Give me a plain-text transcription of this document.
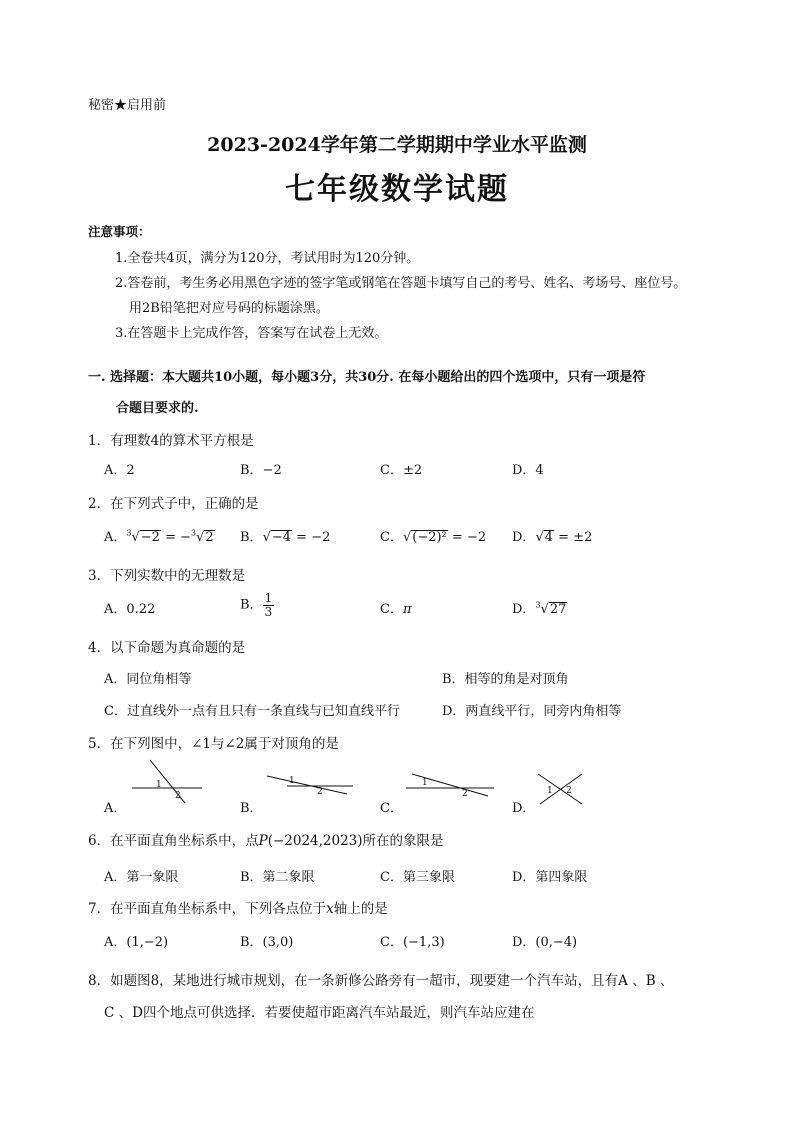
秘密★启用前
2023-2024学年第二学期期中学业水平监测
七年级数学试题
注意事项：
1.全卷共4页，满分为120分，考试用时为120分钟。
2.答卷前，考生务必用黑色字迹的签字笔或钢笔在答题卡填写自己的考号、姓名、考场号、座位号。
用2B铅笔把对应号码的标题涂黑。
3.在答题卡上完成作答，答案写在试卷上无效。
一. 选择题：本大题共10小题，每小题3分，共30分. 在每小题给出的四个选项中，只有一项是符
合题目要求的.
1．有理数4的算术平方根是
A．2	B．−2	C．±2	D．4
2．在下列式子中，正确的是
A．$^3$√−2 = −$^3$√2 B．√−4 = −2	C．√(−2)² = −2 D．√4 = ±2
3．下列实数中的无理数是
A．0.22	B． $\frac{1}{3}$	C．π	D．$^3$√27
4．以下命题为真命题的是
A．同位角相等	B．相等的角是对顶角
C．过直线外一点有且只有一条直线与已知直线平行	D．两直线平行，同旁内角相等
5．在下列图中，∠1与∠2属于对顶角的是
A．	B．	C．	D．
1
2
1
2
1
2	1 2
6．在平面直角坐标系中，点P(−2024,2023)所在的象限是
A．第一象限	B．第二象限	C．第三象限	D．第四象限
7．在平面直角坐标系中，下列各点位于x轴上的是
A．(1,−2)	B．(3,0)	C．(−1,3)	D．(0,−4)
8．如题图8，某地进行城市规划，在一条新修公路旁有一超市，现要建一个汽车站，且有A 、B 、
C 、D四个地点可供选择．若要使超市距离汽车站最近，则汽车站应建在
